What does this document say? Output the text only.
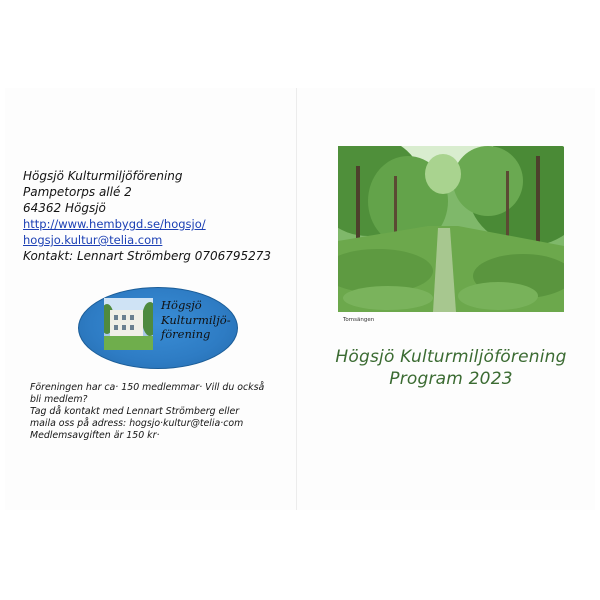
Högsjö Kulturmiljöförening
Pampetorps allé 2
64362 Högsjö
http://www.hembygd.se/hogsjo/
hogsjo.kultur@telia.com
Kontakt: Lennart Strömberg 0706795273
Högsjö
Kulturmiljö-
förening
Föreningen har ca· 150 medlemmar· Vill du också
bli medlem?
Tag då kontakt med Lennart Strömberg eller
maila oss på adress: hogsjo·kultur@telia·com
Medlemsavgiften är 150 kr·
Tomsängen
Högsjö Kulturmiljöförening
Program 2023
